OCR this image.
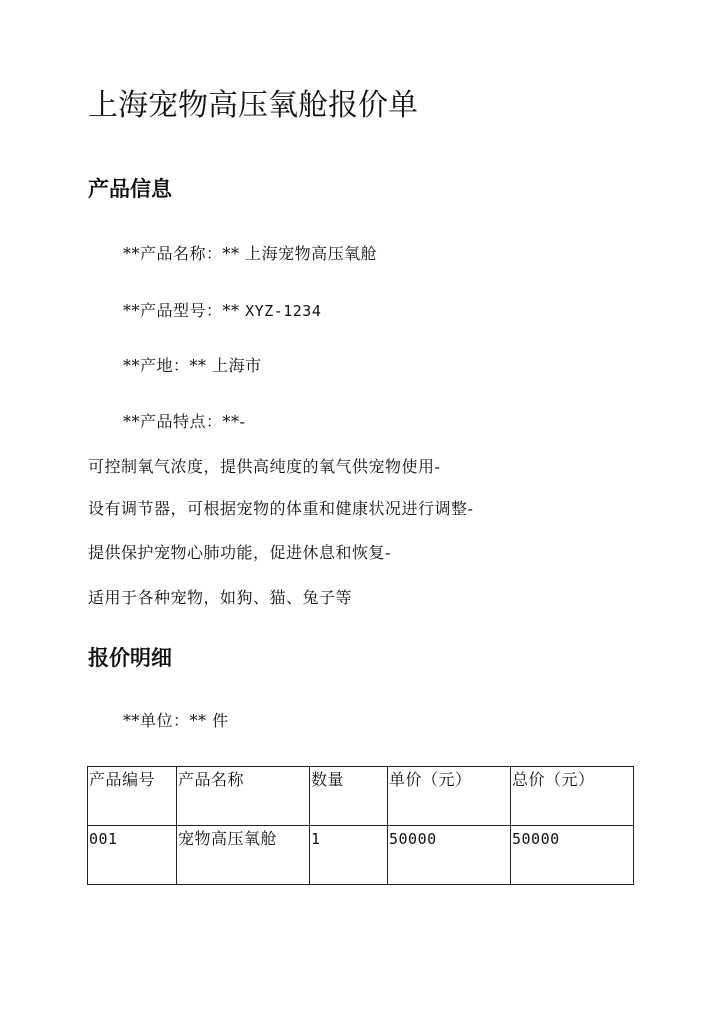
上海宠物高压氧舱报价单
产品信息
**产品名称：** 上海宠物高压氧舱
**产品型号：** XYZ-1234
**产地：** 上海市
**产品特点：**-
可控制氧气浓度，提供高纯度的氧气供宠物使用-
设有调节器，可根据宠物的体重和健康状况进行调整-
提供保护宠物心肺功能，促进休息和恢复-
适用于各种宠物，如狗、猫、兔子等
报价明细
**单位：** 件
产品编号	产品名称	数量	单价（元）	总价（元）
001	宠物高压氧舱	1	50000	50000
